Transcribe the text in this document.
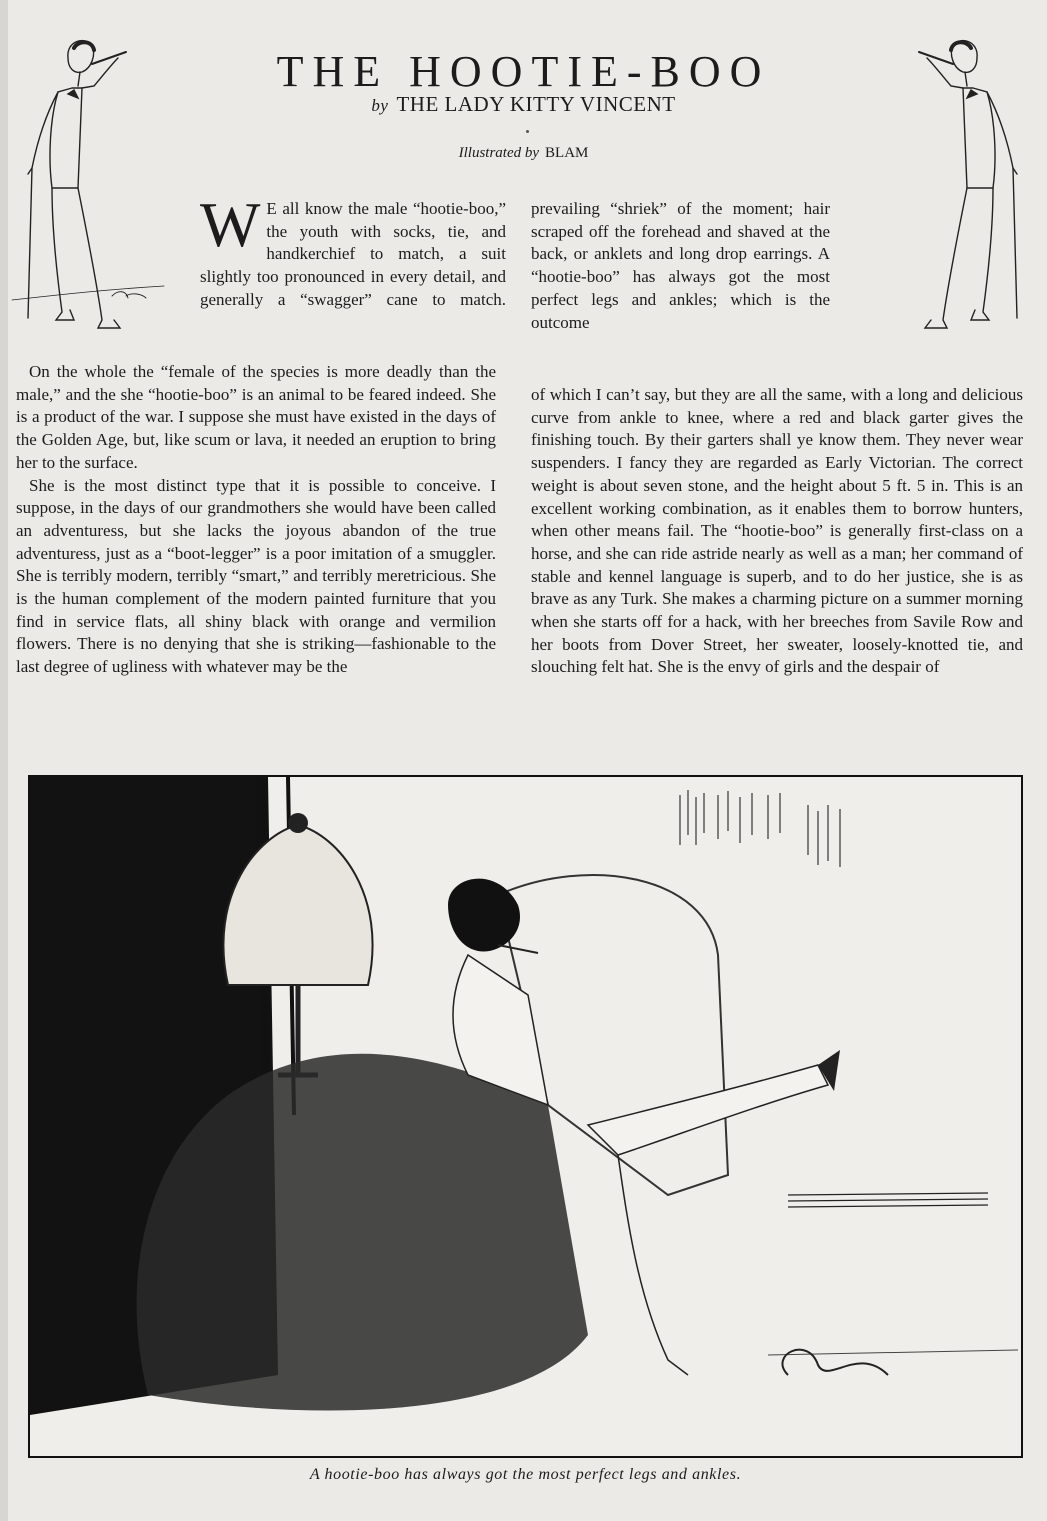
THE HOOTIE-BOO
by THE LADY KITTY VINCENT
Illustrated by BLAM

W E all know the male “hootie-boo,” the youth with socks, tie, and handkerchief to match, a suit slightly too pronounced in every detail, and generally a “swagger” cane to match.

prevailing “shriek” of the moment; hair scraped off the forehead and shaved at the back, or anklets and long drop earrings. A “hootie-boo” has always got the most perfect legs and ankles; which is the outcome

On the whole the “female of the species is more deadly than the male,” and the she “hootie-boo” is an animal to be feared indeed. She is a product of the war. I suppose she must have existed in the days of the Golden Age, but, like scum or lava, it needed an eruption to bring her to the surface.

She is the most distinct type that it is possible to conceive. I suppose, in the days of our grandmothers she would have been called an adventuress, but she lacks the joyous abandon of the true adventuress, just as a “boot-legger” is a poor imitation of a smuggler. She is terribly modern, terribly “smart,” and terribly meretricious. She is the human complement of the modern painted furniture that you find in service flats, all shiny black with orange and vermilion flowers. There is no denying that she is striking—fashionable to the last degree of ugliness with whatever may be the

of which I can’t say, but they are all the same, with a long and delicious curve from ankle to knee, where a red and black garter gives the finishing touch. By their garters shall ye know them. They never wear suspenders. I fancy they are regarded as Early Victorian. The correct weight is about seven stone, and the height about 5 ft. 5 in. This is an excellent working combination, as it enables them to borrow hunters, when other means fail. The “hootie-boo” is generally first-class on a horse, and she can ride astride nearly as well as a man; her command of stable and kennel language is superb, and to do her justice, she is as brave as any Turk. She makes a charming picture on a summer morning when she starts off for a hack, with her breeches from Savile Row and her boots from Dover Street, her sweater, loosely-knotted tie, and slouching felt hat. She is the envy of girls and the despair of

A hootie-boo has always got the most perfect legs and ankles.
